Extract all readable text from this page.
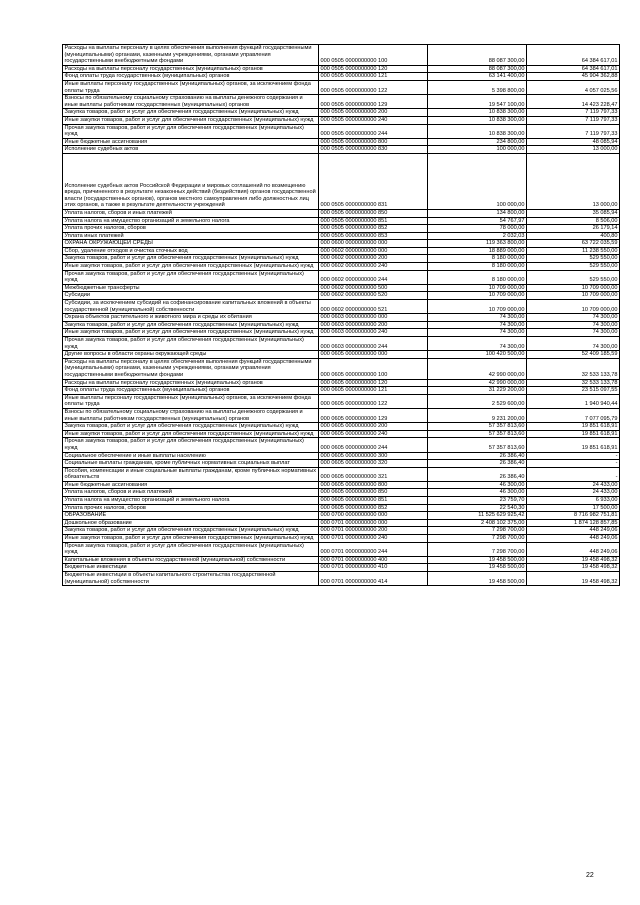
Расходы на выплаты персоналу в целях обеспечения выполнения функций государственными (муниципальными) органами, казенными учреждениями, органами управления государственными внебюджетными фондами	000 0505 0000000000 100	88 087 300,00	64 384 617,01
Расходы на выплаты персоналу государственных (муниципальных) органов	000 0505 0000000000 120	88 087 300,00	64 384 617,01
Фонд оплаты труда государственных (муниципальных) органов	000 0505 0000000000 121	63 141 400,00	45 904 362,88
Иные выплаты персоналу государственных (муниципальных) органов, за исключением фонда оплаты труда	000 0505 0000000000 122	5 398 800,00	4 057 025,56
Взносы по обязательному социальному страхованию на выплаты денежного содержания и иные выплаты работникам государственных (муниципальных) органов	000 0505 0000000000 129	19 547 100,00	14 423 228,47
Закупка товаров, работ и услуг для обеспечения государственных (муниципальных) нужд	000 0505 0000000000 200	10 838 300,00	7 119 797,33
Иные закупки товаров, работ и услуг для обеспечения государственных (муниципальных) нужд	000 0505 0000000000 240	10 838 300,00	7 119 797,33
Прочая закупка товаров, работ и услуг для обеспечения государственных (муниципальных) нужд	000 0505 0000000000 244	10 838 300,00	7 119 797,33
Иные бюджетные ассигнования	000 0505 0000000000 800	234 800,00	48 085,94
Исполнение судебных актов	000 0505 0000000000 830	100 000,00	13 000,00
Исполнение судебных актов Российской Федерации и мировых соглашений по возмещению вреда, причиненного в результате незаконных действий (бездействия) органов государственной власти (государственных органов), органов местного самоуправления либо должностных лиц этих органов, а также в результате деятельности учреждений	000 0505 0000000000 831	100 000,00	13 000,00
Уплата налогов, сборов и иных платежей	000 0505 0000000000 850	134 800,00	35 085,94
Уплата налога на имущество организаций и земельного налога	000 0505 0000000000 851	54 767,97	8 506,00
Уплата прочих налогов, сборов	000 0505 0000000000 852	78 000,00	26 179,14
Уплата иных платежей	000 0505 0000000000 853	2 032,03	400,80
ОХРАНА ОКРУЖАЮЩЕЙ СРЕДЫ	000 0600 0000000000 000	119 363 800,00	63 722 035,59
Сбор, удаление отходов и очистка сточных вод	000 0602 0000000000 000	18 889 000,00	11 238 550,00
Закупка товаров, работ и услуг для обеспечения государственных (муниципальных) нужд	000 0602 0000000000 200	8 180 000,00	529 550,00
Иные закупки товаров, работ и услуг для обеспечения государственных (муниципальных) нужд	000 0602 0000000000 240	8 180 000,00	529 550,00
Прочая закупка товаров, работ и услуг для обеспечения государственных (муниципальных) нужд	000 0602 0000000000 244	8 180 000,00	529 550,00
Межбюджетные трансферты	000 0602 0000000000 500	10 709 000,00	10 709 000,00
Субсидии	000 0602 0000000000 520	10 709 000,00	10 709 000,00
Субсидии, за исключением субсидий на софинансирование капитальных вложений в объекты государственной (муниципальной) собственности	000 0602 0000000000 521	10 709 000,00	10 709 000,00
Охрана объектов растительного и животного мира и среды их обитания	000 0603 0000000000 000	74 300,00	74 300,00
Закупка товаров, работ и услуг для обеспечения государственных (муниципальных) нужд	000 0603 0000000000 200	74 300,00	74 300,00
Иные закупки товаров, работ и услуг для обеспечения государственных (муниципальных) нужд	000 0603 0000000000 240	74 300,00	74 300,00
Прочая закупка товаров, работ и услуг для обеспечения государственных (муниципальных) нужд	000 0603 0000000000 244	74 300,00	74 300,00
Другие вопросы в области охраны окружающей среды	000 0605 0000000000 000	100 420 500,00	52 409 185,59
Расходы на выплаты персоналу в целях обеспечения выполнения функций государственными (муниципальными) органами, казенными учреждениями, органами управления государственными внебюджетными фондами	000 0605 0000000000 100	42 990 000,00	32 533 133,78
Расходы на выплаты персоналу государственных (муниципальных) органов	000 0605 0000000000 120	42 990 000,00	32 533 133,78
Фонд оплаты труда государственных (муниципальных) органов	000 0605 0000000000 121	31 229 200,00	23 515 097,55
Иные выплаты персоналу государственных (муниципальных) органов, за исключением фонда оплаты труда	000 0605 0000000000 122	2 529 600,00	1 940 940,44
Взносы по обязательному социальному страхованию на выплаты денежного содержания и иные выплаты работникам государственных (муниципальных) органов	000 0605 0000000000 129	9 231 200,00	7 077 095,79
Закупка товаров, работ и услуг для обеспечения государственных (муниципальных) нужд	000 0605 0000000000 200	57 357 813,60	19 851 618,91
Иные закупки товаров, работ и услуг для обеспечения государственных (муниципальных) нужд	000 0605 0000000000 240	57 357 813,60	19 851 618,91
Прочая закупка товаров, работ и услуг для обеспечения государственных (муниципальных) нужд	000 0605 0000000000 244	57 357 813,60	19 851 618,91
Социальное обеспечение и иные выплаты населению	000 0605 0000000000 300	26 386,40	-
Социальные выплаты гражданам, кроме публичных нормативных социальных выплат	000 0605 0000000000 320	26 386,40	-
Пособия, компенсации и иные социальные выплаты гражданам, кроме публичных нормативных обязательств	000 0605 0000000000 321	26 386,40	-
Иные бюджетные ассигнования	000 0605 0000000000 800	46 300,00	24 433,00
Уплата налогов, сборов и иных платежей	000 0605 0000000000 850	46 300,00	24 433,00
Уплата налога на имущество организаций и земельного налога	000 0605 0000000000 851	23 759,70	6 933,00
Уплата прочих налогов, сборов	000 0605 0000000000 852	22 540,30	17 500,00
ОБРАЗОВАНИЕ	000 0700 0000000000 000	11 525 629 925,42	8 716 982 751,81
Дошкольное образование	000 0701 0000000000 000	2 408 102 375,00	1 874 128 857,85
Закупка товаров, работ и услуг для обеспечения государственных (муниципальных) нужд	000 0701 0000000000 200	7 298 700,00	448 249,06
Иные закупки товаров, работ и услуг для обеспечения государственных (муниципальных) нужд	000 0701 0000000000 240	7 298 700,00	448 249,06
Прочая закупка товаров, работ и услуг для обеспечения государственных (муниципальных) нужд	000 0701 0000000000 244	7 298 700,00	448 249,06
Капитальные вложения в объекты государственной (муниципальной) собственности	000 0701 0000000000 400	19 458 500,00	19 458 498,32
Бюджетные инвестиции	000 0701 0000000000 410	19 458 500,00	19 458 498,32
Бюджетные инвестиции в объекты капитального строительства государственной (муниципальной) собственности	000 0701 0000000000 414	19 458 500,00	19 458 498,32
22
